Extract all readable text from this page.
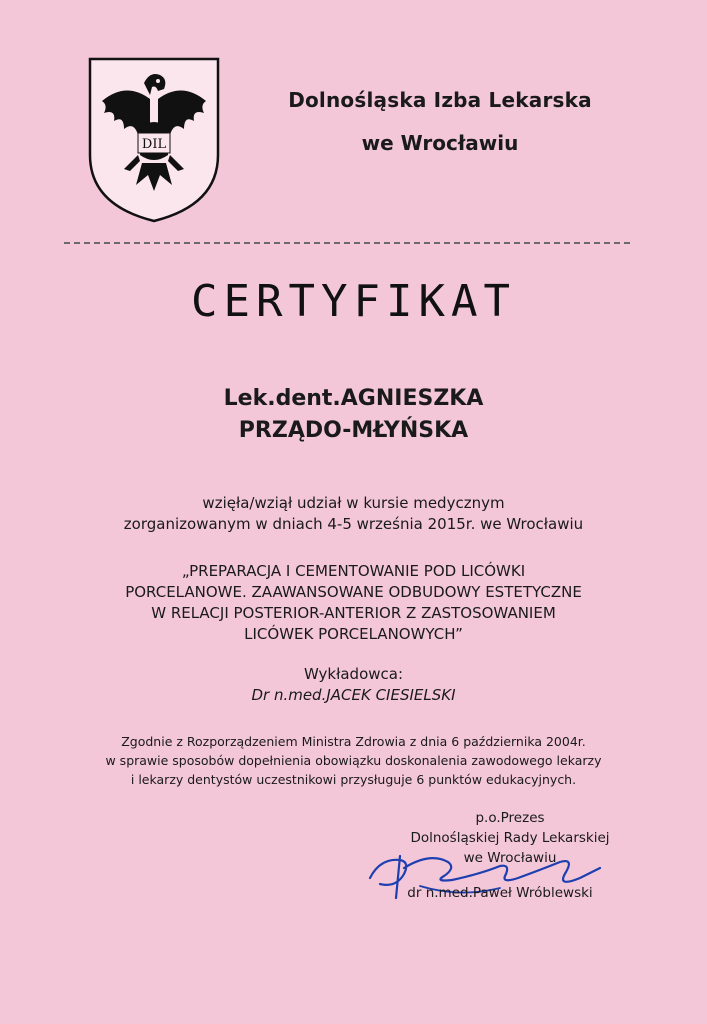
DIL
Dolnośląska Izba Lekarska
we Wrocławiu
CERTYFIKAT
Lek.dent.AGNIESZKA
PRZĄDO-MŁYŃSKA
wzięła/wziął udział w kursie medycznym
zorganizowanym w dniach 4-5 września 2015r. we Wrocławiu
„PREPARACJA I CEMENTOWANIE POD LICÓWKI
PORCELANOWE. ZAAWANSOWANE ODBUDOWY ESTETYCZNE
W RELACJI POSTERIOR-ANTERIOR Z ZASTOSOWANIEM
LICÓWEK PORCELANOWYCH”
Wykładowca:
Dr n.med.JACEK CIESIELSKI
Zgodnie z Rozporządzeniem Ministra Zdrowia z dnia 6 października 2004r.
w sprawie sposobów dopełnienia obowiązku doskonalenia zawodowego lekarzy
i lekarzy dentystów uczestnikowi przysługuje 6 punktów edukacyjnych.
p.o.Prezes
Dolnośląskiej Rady Lekarskiej
we Wrocławiu
dr n.med.Paweł Wróblewski
